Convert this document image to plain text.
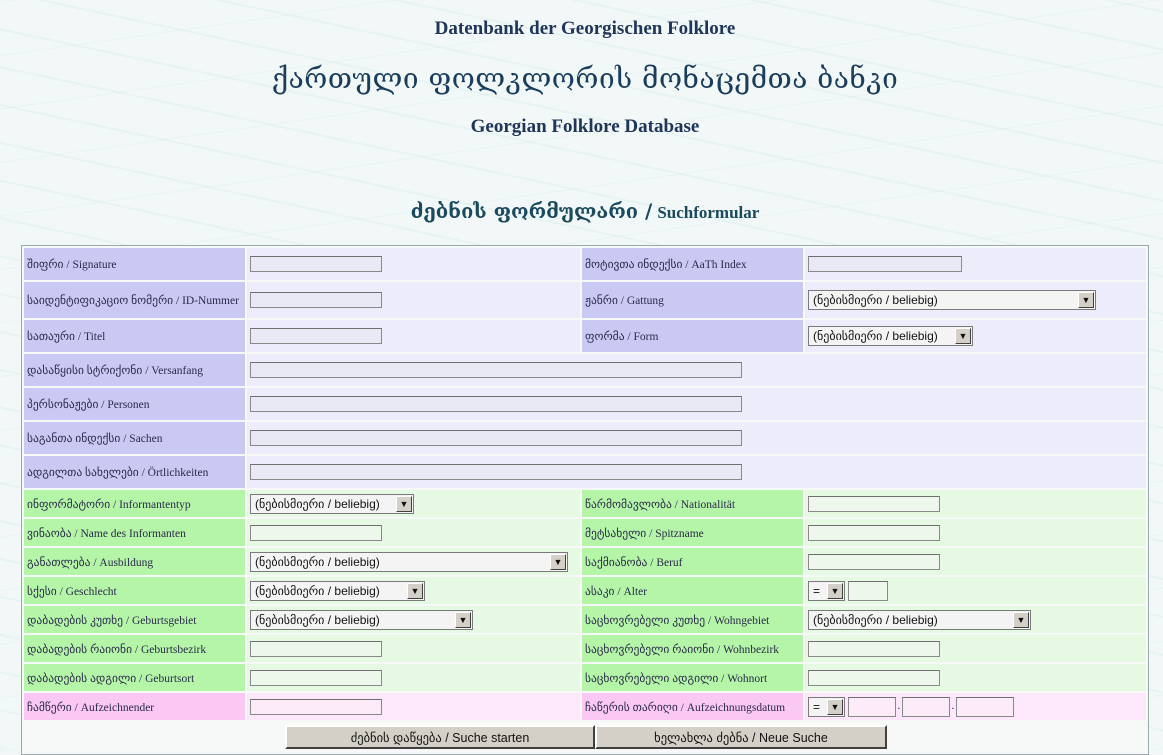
Datenbank der Georgischen Folklore
ქართული ფოლკლორის მონაცემთა ბანკი
Georgian Folklore Database
ძებნის ფორმულარი / Suchformular
შიფრი / Signature		მოტივთა ინდექსი / AaTh Index	
საიდენტიფიკაციო ნომერი / ID-Nummer		ჟანრი / Gattung	(ნებისმიერი / beliebig) ▼

სათაური / Titel		ფორმა / Form	(ნებისმიერი / beliebig) ▼

დასაწყისი სტრიქონი / Versanfang			
პერსონაჟები / Personen			
საგანთა ინდექსი / Sachen			
ადგილთა სახელები / Örtlichkeiten			
ინფორმატორი / Informantentyp	(ნებისმიერი / beliebig) ▼	წარმომავლობა / Nationalität	
ვინაობა / Name des Informanten		მეტსახელი / Spitzname	
განათლება / Ausbildung	(ნებისმიერი / beliebig) ▼	საქმიანობა / Beruf	
სქესი / Geschlecht	(ნებისმიერი / beliebig) ▼	ასაკი / Alter	= ▼

დაბადების კუთხე / Geburtsgebiet	(ნებისმიერი / beliebig) ▼	საცხოვრებელი კუთხე / Wohngebiet	(ნებისმიერი / beliebig) ▼

დაბადების რაიონი / Geburtsbezirk		საცხოვრებელი რაიონი / Wohnbezirk	
დაბადების ადგილი / Geburtsort		საცხოვრებელი ადგილი / Wohnort	
ჩამწერი / Aufzeichnender		ჩაწერის თარიღი / Aufzeichnungsdatum	= ▼ . .
ძებნის დაწყება / Suche starten ხელახლა ძებნა / Neue Suche			
